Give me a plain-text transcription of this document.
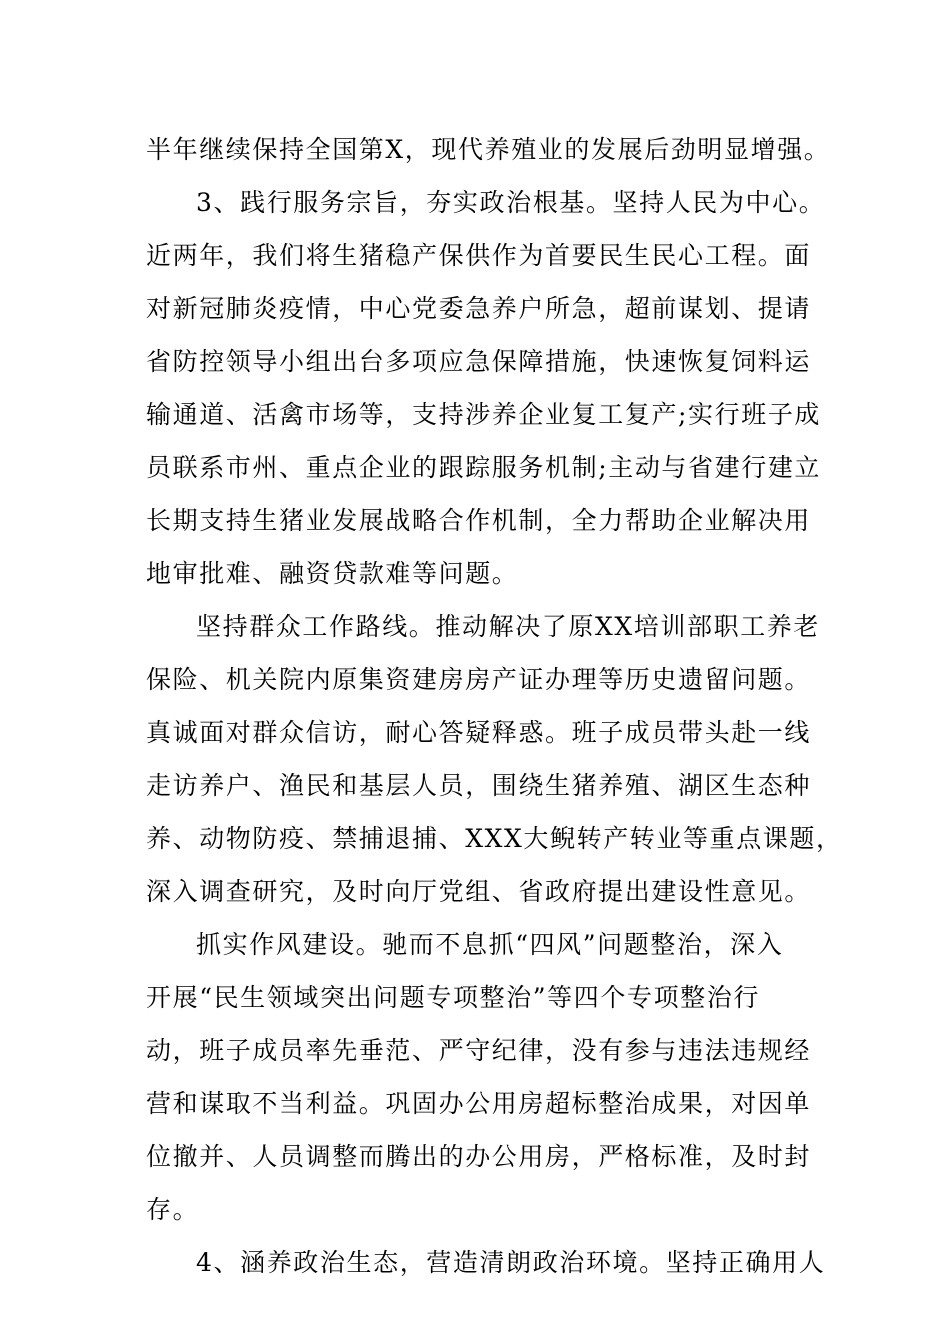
半年继续保持全国第X，现代养殖业的发展后劲明显增强。
3、践行服务宗旨，夯实政治根基。坚持人民为中心。
近两年，我们将生猪稳产保供作为首要民生民心工程。面
对新冠肺炎疫情，中心党委急养户所急，超前谋划、提请
省防控领导小组出台多项应急保障措施，快速恢复饲料运
输通道、活禽市场等，支持涉养企业复工复产;实行班子成
员联系市州、重点企业的跟踪服务机制;主动与省建行建立
长期支持生猪业发展战略合作机制，全力帮助企业解决用
地审批难、融资贷款难等问题。
坚持群众工作路线。推动解决了原XX培训部职工养老
保险、机关院内原集资建房房产证办理等历史遗留问题。
真诚面对群众信访，耐心答疑释惑。班子成员带头赴一线
走访养户、渔民和基层人员，围绕生猪养殖、湖区生态种
养、动物防疫、禁捕退捕、XXX大鲵转产转业等重点课题，
深入调查研究，及时向厅党组、省政府提出建设性意见。
抓实作风建设。驰而不息抓“四风”问题整治，深入
开展“民生领域突出问题专项整治”等四个专项整治行
动，班子成员率先垂范、严守纪律，没有参与违法违规经
营和谋取不当利益。巩固办公用房超标整治成果，对因单
位撤并、人员调整而腾出的办公用房，严格标准，及时封
存。
4、涵养政治生态，营造清朗政治环境。坚持正确用人
